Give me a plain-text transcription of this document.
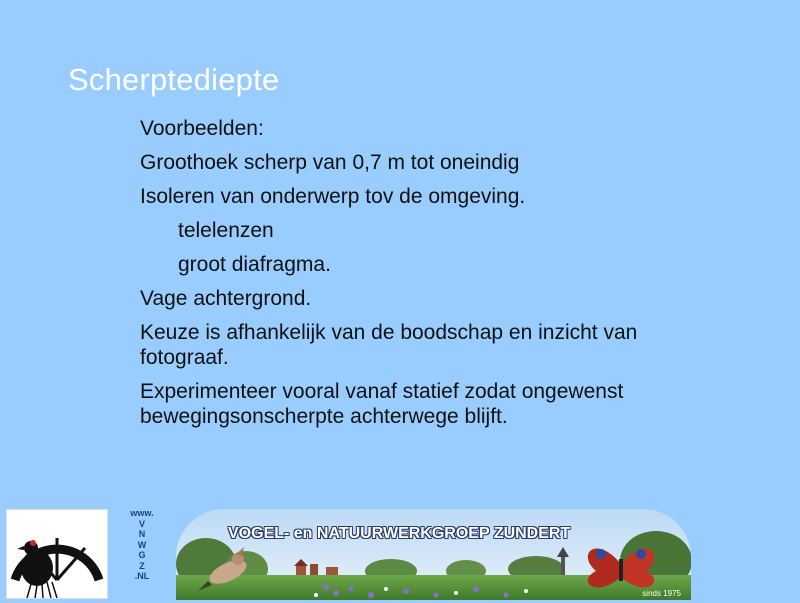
Scherptediepte
Voorbeelden:
Groothoek scherp van 0,7 m tot oneindig
Isoleren van onderwerp tov de omgeving.
telelenzen
groot diafragma.
Vage achtergrond.
Keuze is afhankelijk van de boodschap en inzicht van fotograaf.
Experimenteer vooral vanaf statief zodat ongewenst bewegingsonscherpte achterwege blijft.
www.
V
N
W
G
Z
.NL
VOGEL- en NATUURWERKGROEP ZUNDERT
sinds 1975
